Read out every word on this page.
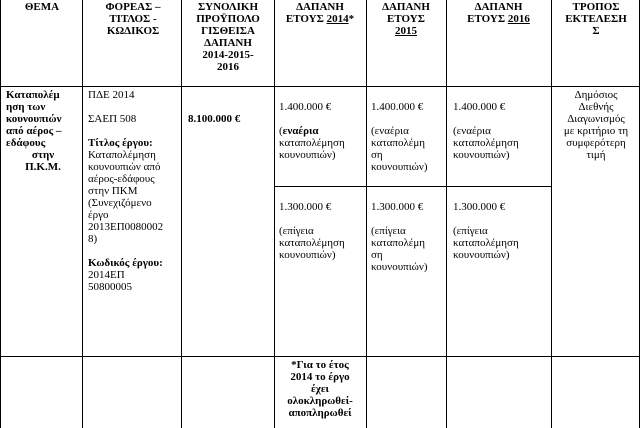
ΘΕΜΑ	ΦΟΡΕΑΣ –

ΤΙΤΛΟΣ -

ΚΩΔΙΚΟΣ

ΣΥΝΟΛΙΚΗ

ΠΡΟΫΠΟΛΟ

ΓΙΣΘΕΙΣΑ

ΔΑΠΑΝΗ

2014-2015-

2016

ΔΑΠΑΝΗ

ΕΤΟΥΣ 2014*

ΔΑΠΑΝΗ

ΕΤΟΥΣ

2015

ΔΑΠΑΝΗ

ΕΤΟΥΣ 2016

ΤΡΟΠΟΣ

ΕΚΤΕΛΕΣΗ

Σ

Καταπολέμ

ηση των

κουνουπιών

από αέρος –

εδάφους

στην

Π.Κ.Μ.

ΠΔΕ 2014

ΣΑΕΠ 508

Τίτλος έργου:

Καταπολέμηση

κουνουπιών από

αέρος-εδάφους

στην ΠΚΜ

(Συνεχιζόμενο

έργο

2013ΕΠ0080002

8)

Κωδικός έργου:

2014ΕΠ

50800005

8.100.000 €

1.400.000 €

(εναέρια

καταπολέμηση

κουνουπιών)

1.400.000 €

(εναέρια

καταπολέμη

ση

κουνουπιών)

1.400.000 €

(εναέρια

καταπολέμηση

κουνουπιών)

1.300.000 €

(επίγεια

καταπολέμηση

κουνουπιών)

1.300.000 €

(επίγεια

καταπολέμη

ση

κουνουπιών)

1.300.000 €

(επίγεια

καταπολέμηση

κουνουπιών)

Δημόσιος

Διεθνής

Διαγωνισμός

με κριτήριο τη

συμφερότερη

τιμή

*Για το έτος

2014 το έργο

έχει

ολοκληρωθεί-

αποπληρωθεί
